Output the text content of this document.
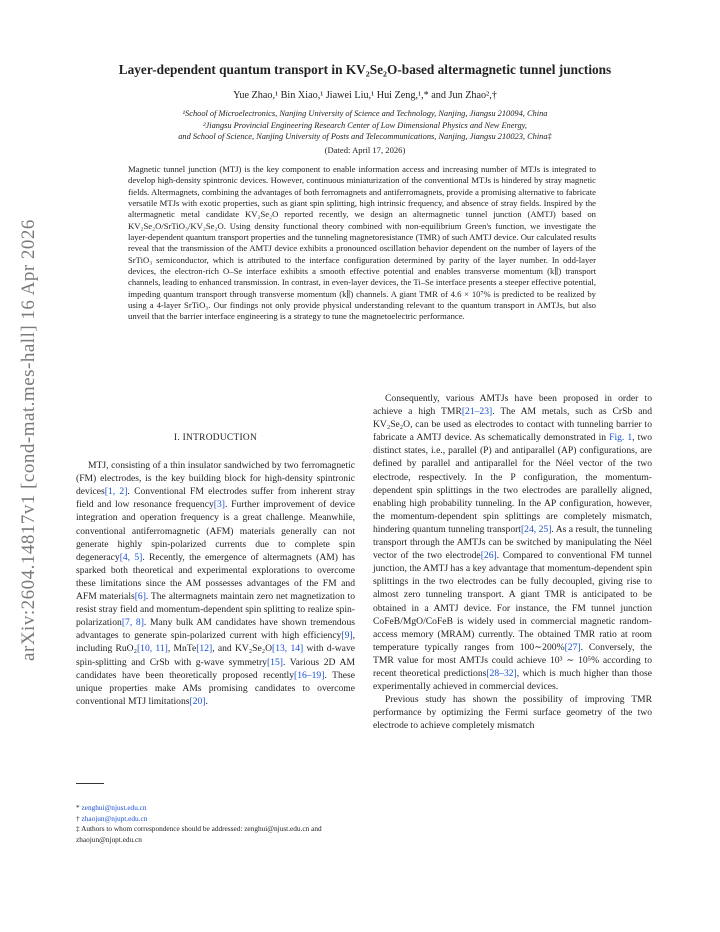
arXiv:2604.14817v1 [cond-mat.mes-hall] 16 Apr 2026
Layer-dependent quantum transport in KV₂Se₂O-based altermagnetic tunnel junctions
Yue Zhao,¹ Bin Xiao,¹ Jiawei Liu,¹ Hui Zeng,¹,* and Jun Zhao²,†
¹School of Microelectronics, Nanjing University of Science and Technology, Nanjing, Jiangsu 210094, China
²Jiangsu Provincial Engineering Research Center of Low Dimensional Physics and New Energy,
and School of Science, Nanjing University of Posts and Telecommunications, Nanjing, Jiangsu 210023, China‡
(Dated: April 17, 2026)
Magnetic tunnel junction (MTJ) is the key component to enable information access and increasing number of MTJs is integrated to develop high-density spintronic devices. However, continuous miniaturization of the conventional MTJs is hindered by stray magnetic fields. Altermagnets, combining the advantages of both ferromagnets and antiferromagnets, provide a promising alternative to fabricate versatile MTJs with exotic properties, such as giant spin splitting, high intrinsic frequency, and absence of stray fields. Inspired by the altermagnetic metal candidate KV₂Se₂O reported recently, we design an altermagnetic tunnel junction (AMTJ) based on KV₂Se₂O/SrTiO₃/KV₂Se₂O. Using density functional theory combined with non-equilibrium Green's function, we investigate the layer-dependent quantum transport properties and the tunneling magnetoresistance (TMR) of such AMTJ device. Our calculated results reveal that the transmission of the AMTJ device exhibits a pronounced oscillation behavior dependent on the number of layers of the SrTiO₃ semiconductor, which is attributed to the interface configuration determined by parity of the layer number. In odd-layer devices, the electron-rich O–Se interface exhibits a smooth effective potential and enables transverse momentum (k∥) transport channels, leading to enhanced transmission. In contrast, in even-layer devices, the Ti–Se interface presents a steeper effective potential, impeding quantum transport through transverse momentum (k∥) channels. A giant TMR of 4.6 × 10⁷% is predicted to be realized by using a 4-layer SrTiO₃. Our findings not only provide physical understanding relevant to the quantum transport in AMTJs, but also unveil that the barrier interface engineering is a strategy to tune the magnetoelectric performance.
I. INTRODUCTION

MTJ, consisting of a thin insulator sandwiched by two ferromagnetic (FM) electrodes, is the key building block for high-density spintronic devices[1, 2]. Conventional FM electrodes suffer from inherent stray field and low resonance frequency[3]. Further improvement of device integration and operation frequency is a great challenge. Meanwhile, conventional antiferromagnetic (AFM) materials generally can not generate highly spin-polarized currents due to complete spin degeneracy[4, 5]. Recently, the emergence of altermagnets (AM) has sparked both theoretical and experimental explorations to overcome these limitations since the AM possesses advantages of the FM and AFM materials[6]. The altermagnets maintain zero net magnetization to resist stray field and momentum-dependent spin splitting to realize spin-polarization[7, 8]. Many bulk AM candidates have shown tremendous advantages to generate spin-polarized current with high efficiency[9], including RuO₂[10, 11], MnTe[12], and KV₂Se₂O[13, 14] with d-wave spin-splitting and CrSb with g-wave symmetry[15]. Various 2D AM candidates have been theoretically proposed recently[16–19]. These unique properties make AMs promising candidates to overcome conventional MTJ limitations[20].

Consequently, various AMTJs have been proposed in order to achieve a high TMR[21–23]. The AM metals, such as CrSb and KV₂Se₂O, can be used as electrodes to contact with tunneling barrier to fabricate a AMTJ device. As schematically demonstrated in Fig. 1, two distinct states, i.e., parallel (P) and antiparallel (AP) configurations, are defined by parallel and antiparallel for the Néel vector of the two electrode, respectively. In the P configuration, the momentum-dependent spin splittings in the two electrodes are parallelly aligned, enabling high probability tunneling. In the AP configuration, however, the momentum-dependent spin splittings are completely mismatch, hindering quantum tunneling transport[24, 25]. As a result, the tunneling transport through the AMTJs can be switched by manipulating the Néel vector of the two electrode[26]. Compared to conventional FM tunnel junction, the AMTJ has a key advantage that momentum-dependent spin splittings in the two electrodes can be fully decoupled, giving rise to almost zero tunneling transport. A giant TMR is anticipated to be obtained in a AMTJ device. For instance, the FM tunnel junction CoFeB/MgO/CoFeB is widely used in commercial magnetic random-access memory (MRAM) currently. The obtained TMR ratio at room temperature typically ranges from 100∼200%[27]. Conversely, the TMR value for most AMTJs could achieve 10³ ∼ 10⁵% according to recent theoretical predictions[28–32], which is much higher than those experimentally achieved in commercial devices.

Previous study has shown the possibility of improving TMR performance by optimizing the Fermi surface geometry of the two electrode to achieve completely mismatch

* zenghui@njust.edu.cn
† zhaojun@njupt.edu.cn
‡ Authors to whom correspondence should be addressed: zenghui@njust.edu.cn and zhaojun@njupt.edu.cn
